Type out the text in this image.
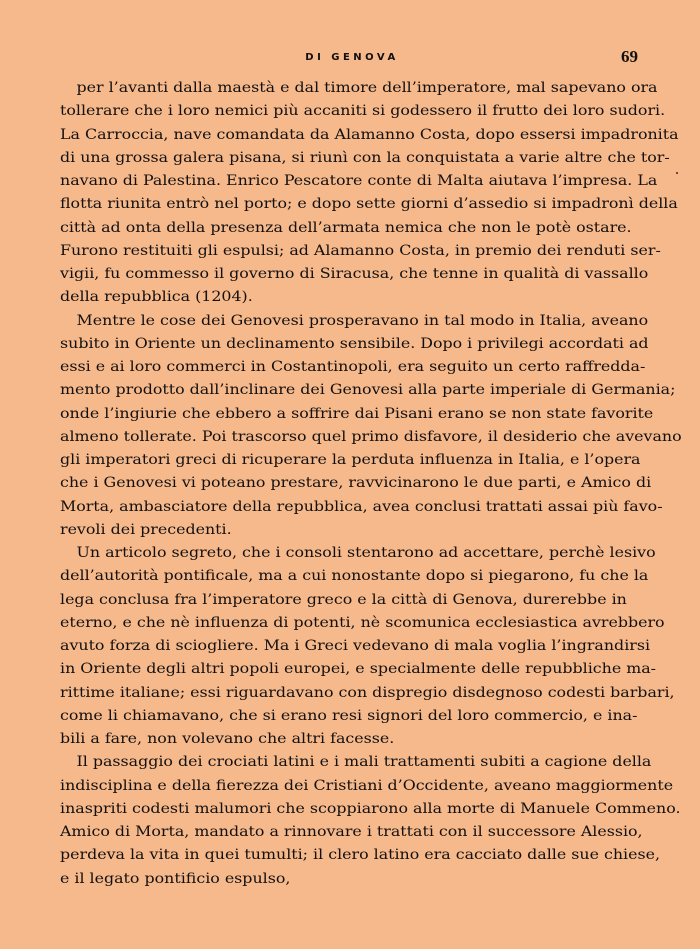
DI GENOVA	69
per l’avanti dalla maestà e dal timore dell’imperatore, mal sapevano ora
tollerare che i loro nemici più accaniti si godessero il frutto dei loro sudori.
La Carroccia, nave comandata da Alamanno Costa, dopo essersi impadronita
di una grossa galera pisana, si riunì con la conquistata a varie altre che tor-
navano di Palestina. Enrico Pescatore conte di Malta aiutava l’impresa. La
flotta riunita entrò nel porto; e dopo sette giorni d’assedio si impadronì della
città ad onta della presenza dell’armata nemica che non le potè ostare.
Furono restituiti gli espulsi; ad Alamanno Costa, in premio dei renduti ser-
vigii, fu commesso il governo di Siracusa, che tenne in qualità di vassallo
della repubblica (1204).
Mentre le cose dei Genovesi prosperavano in tal modo in Italia, aveano
subito in Oriente un declinamento sensibile. Dopo i privilegi accordati ad
essi e ai loro commerci in Costantinopoli, era seguito un certo raffredda-
mento prodotto dall’inclinare dei Genovesi alla parte imperiale di Germania;
onde l’ingiurie che ebbero a soffrire dai Pisani erano se non state favorite
almeno tollerate. Poi trascorso quel primo disfavore, il desiderio che avevano
gli imperatori greci di ricuperare la perduta influenza in Italia, e l’opera
che i Genovesi vi poteano prestare, ravvicinarono le due parti, e Amico di
Morta, ambasciatore della repubblica, avea conclusi trattati assai più favo-
revoli dei precedenti.
Un articolo segreto, che i consoli stentarono ad accettare, perchè lesivo
dell’autorità pontificale, ma a cui nonostante dopo si piegarono, fu che la
lega conclusa fra l’imperatore greco e la città di Genova, durerebbe in
eterno, e che nè influenza di potenti, nè scomunica ecclesiastica avrebbero
avuto forza di sciogliere. Ma i Greci vedevano di mala voglia l’ingrandirsi
in Oriente degli altri popoli europei, e specialmente delle repubbliche ma-
rittime italiane; essi riguardavano con dispregio disdegnoso codesti barbari,
come li chiamavano, che si erano resi signori del loro commercio, e ina-
bili a fare, non volevano che altri facesse.
Il passaggio dei crociati latini e i mali trattamenti subiti a cagione della
indisciplina e della fierezza dei Cristiani d’Occidente, aveano maggiormente
inaspriti codesti malumori che scoppiarono alla morte di Manuele Commeno.
Amico di Morta, mandato a rinnovare i trattati con il successore Alessio,
perdeva la vita in quei tumulti; il clero latino era cacciato dalle sue chiese,
e il legato pontificio espulso,
